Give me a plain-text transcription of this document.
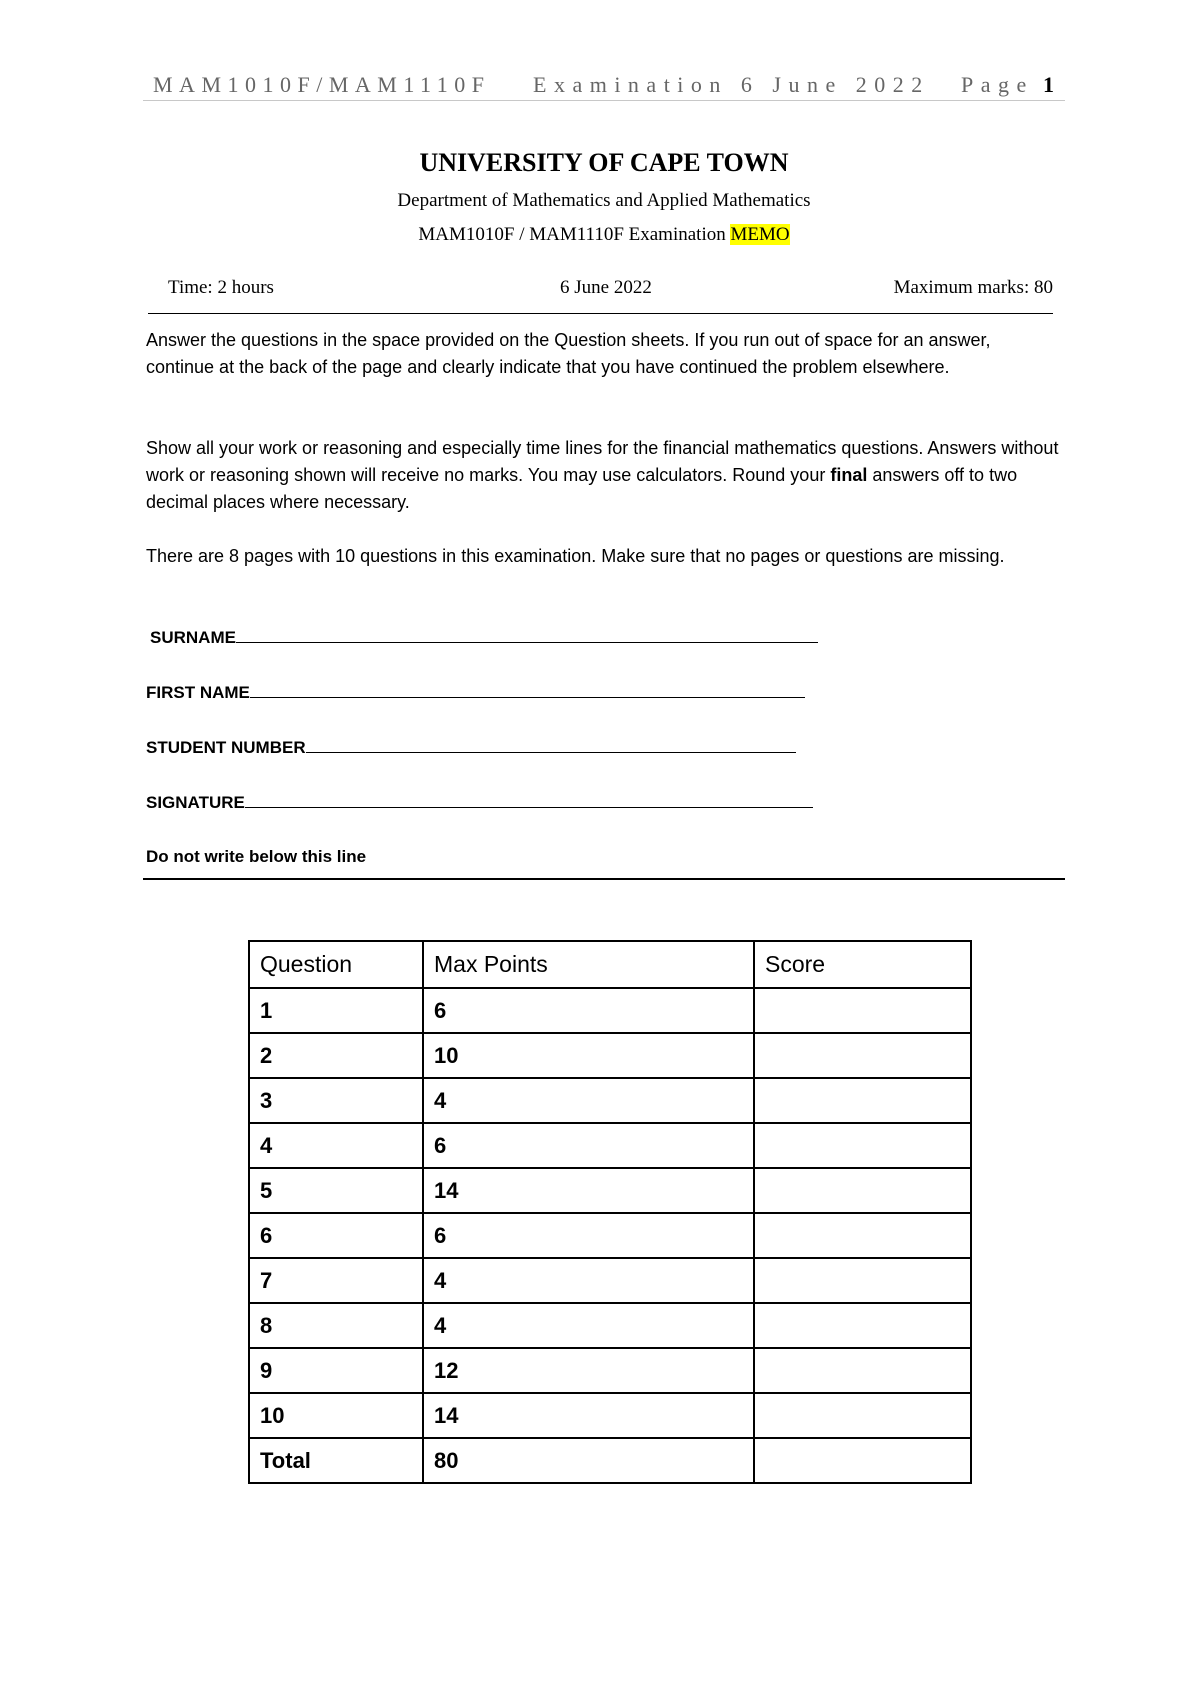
MAM1010F/MAM1110F Examination 6 June 2022 Page 1
UNIVERSITY OF CAPE TOWN
Department of Mathematics and Applied Mathematics
MAM1010F / MAM1110F Examination MEMO
Time: 2 hours	6 June 2022	Maximum marks: 80
Answer the questions in the space provided on the Question sheets. If you run out of space for an answer, continue at the back of the page and clearly indicate that you have continued the problem elsewhere.
Show all your work or reasoning and especially time lines for the financial mathematics questions. Answers without work or reasoning shown will receive no marks. You may use calculators. Round your final answers off to two decimal places where necessary.
There are 8 pages with 10 questions in this examination. Make sure that no pages or questions are missing.
SURNAME
FIRST NAME
STUDENT NUMBER
SIGNATURE
Do not write below this line
Question	Max Points	Score
1	6	
2	10	
3	4	
4	6	
5	14	
6	6	
7	4	
8	4	
9	12	
10	14	
Total	80	
